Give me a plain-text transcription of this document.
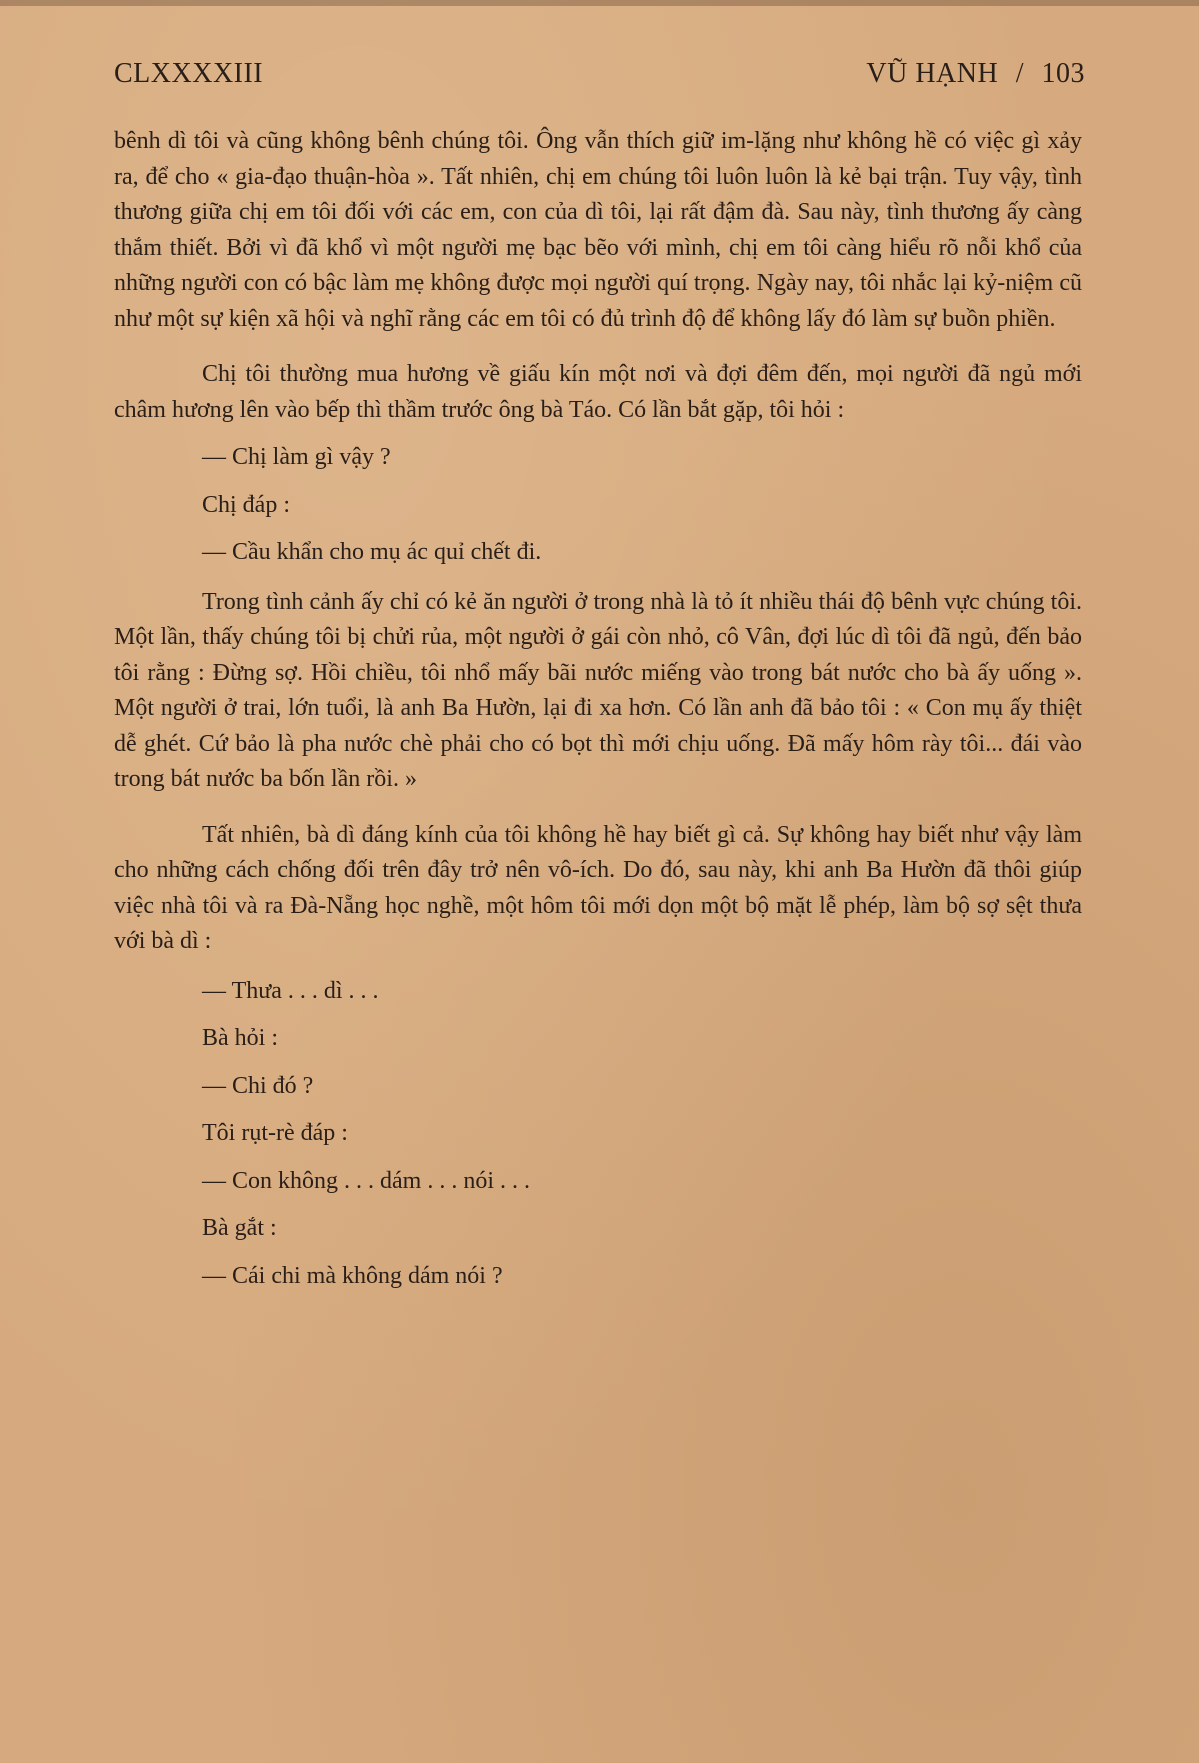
CLXXXXIII	VŨ HẠNH / 103

bênh dì tôi và cũng không bênh chúng tôi. Ông vẫn thích giữ im-lặng như không hề có việc gì xảy ra, để cho « gia-đạo thuận-hòa ». Tất nhiên, chị em chúng tôi luôn luôn là kẻ bại trận. Tuy vậy, tình thương giữa chị em tôi đối với các em, con của dì tôi, lại rất đậm đà. Sau này, tình thương ấy càng thắm thiết. Bởi vì đã khổ vì một người mẹ bạc bẽo với mình, chị em tôi càng hiểu rõ nỗi khổ của những người con có bậc làm mẹ không được mọi người quí trọng. Ngày nay, tôi nhắc lại kỷ-niệm cũ như một sự kiện xã hội và nghĩ rằng các em tôi có đủ trình độ để không lấy đó làm sự buồn phiền.

Chị tôi thường mua hương về giấu kín một nơi và đợi đêm đến, mọi người đã ngủ mới châm hương lên vào bếp thì thầm trước ông bà Táo. Có lần bắt gặp, tôi hỏi :

— Chị làm gì vậy ?

Chị đáp :

— Cầu khẩn cho mụ ác quỉ chết đi.

Trong tình cảnh ấy chỉ có kẻ ăn người ở trong nhà là tỏ ít nhiều thái độ bênh vực chúng tôi. Một lần, thấy chúng tôi bị chửi rủa, một người ở gái còn nhỏ, cô Vân, đợi lúc dì tôi đã ngủ, đến bảo tôi rằng : Đừng sợ. Hồi chiều, tôi nhổ mấy bãi nước miếng vào trong bát nước cho bà ấy uống ». Một người ở trai, lớn tuổi, là anh Ba Hườn, lại đi xa hơn. Có lần anh đã bảo tôi : « Con mụ ấy thiệt dễ ghét. Cứ bảo là pha nước chè phải cho có bọt thì mới chịu uống. Đã mấy hôm rày tôi... đái vào trong bát nước ba bốn lần rồi. »

Tất nhiên, bà dì đáng kính của tôi không hề hay biết gì cả. Sự không hay biết như vậy làm cho những cách chống đối trên đây trở nên vô-ích. Do đó, sau này, khi anh Ba Hườn đã thôi giúp việc nhà tôi và ra Đà-Nẵng học nghề, một hôm tôi mới dọn một bộ mặt lễ phép, làm bộ sợ sệt thưa với bà dì :

— Thưa . . . dì . . .

Bà hỏi :

— Chi đó ?

Tôi rụt-rè đáp :

— Con không . . . dám . . . nói . . .

Bà gắt :

— Cái chi mà không dám nói ?
